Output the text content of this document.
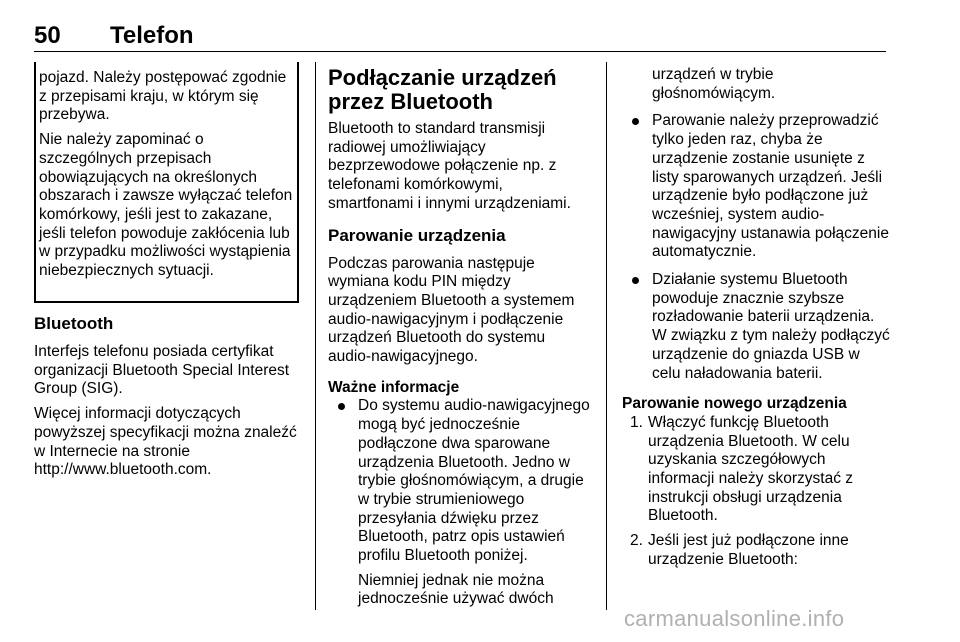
50 Telefon

pojazd. Należy postępować zgodnie z przepisami kraju, w którym się przebywa.

Nie należy zapominać o szczególnych przepisach obowiązujących na określonych obszarach i zawsze wyłączać telefon komórkowy, jeśli jest to zakazane, jeśli telefon powoduje zakłócenia lub w przypadku możliwości wystąpienia niebezpiecznych sytuacji.

Bluetooth

Interfejs telefonu posiada certyfikat organizacji Bluetooth Special Interest Group (SIG).

Więcej informacji dotyczących powyższej specyfikacji można znaleźć w Internecie na stronie http://www.bluetooth.com.

Podłączanie urządzeń przez Bluetooth

Bluetooth to standard transmisji radiowej umożliwiający bezprzewodowe połączenie np. z telefonami komórkowymi, smartfonami i innymi urządzeniami.

Parowanie urządzenia

Podczas parowania następuje wymiana kodu PIN między urządzeniem Bluetooth a systemem audio-nawigacyjnym i podłączenie urządzeń Bluetooth do systemu audio-nawigacyjnego.

Ważne informacje

Do systemu audio-nawigacyjnego mogą być jednocześnie podłączone dwa sparowane urządzenia Bluetooth. Jedno w trybie głośnomówiącym, a drugie w trybie strumieniowego przesyłania dźwięku przez Bluetooth, patrz opis ustawień profilu Bluetooth poniżej.

Niemniej jednak nie można jednocześnie używać dwóch

urządzeń w trybie głośnomówiącym.

Parowanie należy przeprowadzić tylko jeden raz, chyba że urządzenie zostanie usunięte z listy sparowanych urządzeń. Jeśli urządzenie było podłączone już wcześniej, system audio-nawigacyjny ustanawia połączenie automatycznie.

Działanie systemu Bluetooth powoduje znacznie szybsze rozładowanie baterii urządzenia. W związku z tym należy podłączyć urządzenie do gniazda USB w celu naładowania baterii.

Parowanie nowego urządzenia
1. Włączyć funkcję Bluetooth urządzenia Bluetooth. W celu uzyskania szczegółowych informacji należy skorzystać z instrukcji obsługi urządzenia Bluetooth.

2. Jeśli jest już podłączone inne urządzenie Bluetooth:

carmanualsonline.info
